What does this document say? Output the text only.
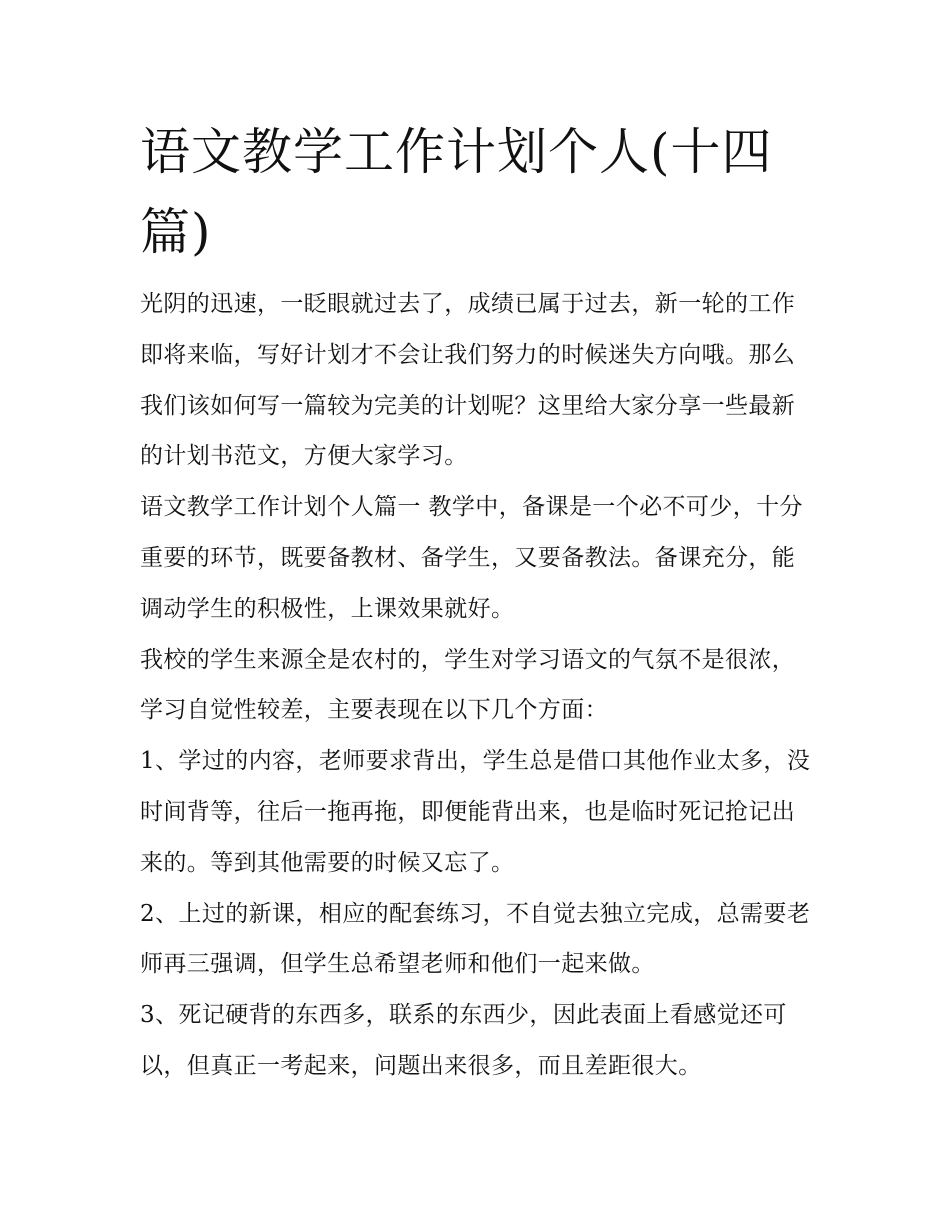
语文教学工作计划个人(十四篇)

光阴的迅速，一眨眼就过去了，成绩已属于过去，新一轮的工作即将来临，写好计划才不会让我们努力的时候迷失方向哦。那么我们该如何写一篇较为完美的计划呢？这里给大家分享一些最新的计划书范文，方便大家学习。

语文教学工作计划个人篇一 教学中，备课是一个必不可少，十分重要的环节，既要备教材、备学生，又要备教法。备课充分，能调动学生的积极性，上课效果就好。

我校的学生来源全是农村的，学生对学习语文的气氛不是很浓，学习自觉性较差，主要表现在以下几个方面：

1、学过的内容，老师要求背出，学生总是借口其他作业太多，没时间背等，往后一拖再拖，即便能背出来，也是临时死记抢记出来的。等到其他需要的时候又忘了。

2、上过的新课，相应的配套练习，不自觉去独立完成，总需要老师再三强调，但学生总希望老师和他们一起来做。

3、死记硬背的东西多，联系的东西少，因此表面上看感觉还可以，但真正一考起来，问题出来很多，而且差距很大。
